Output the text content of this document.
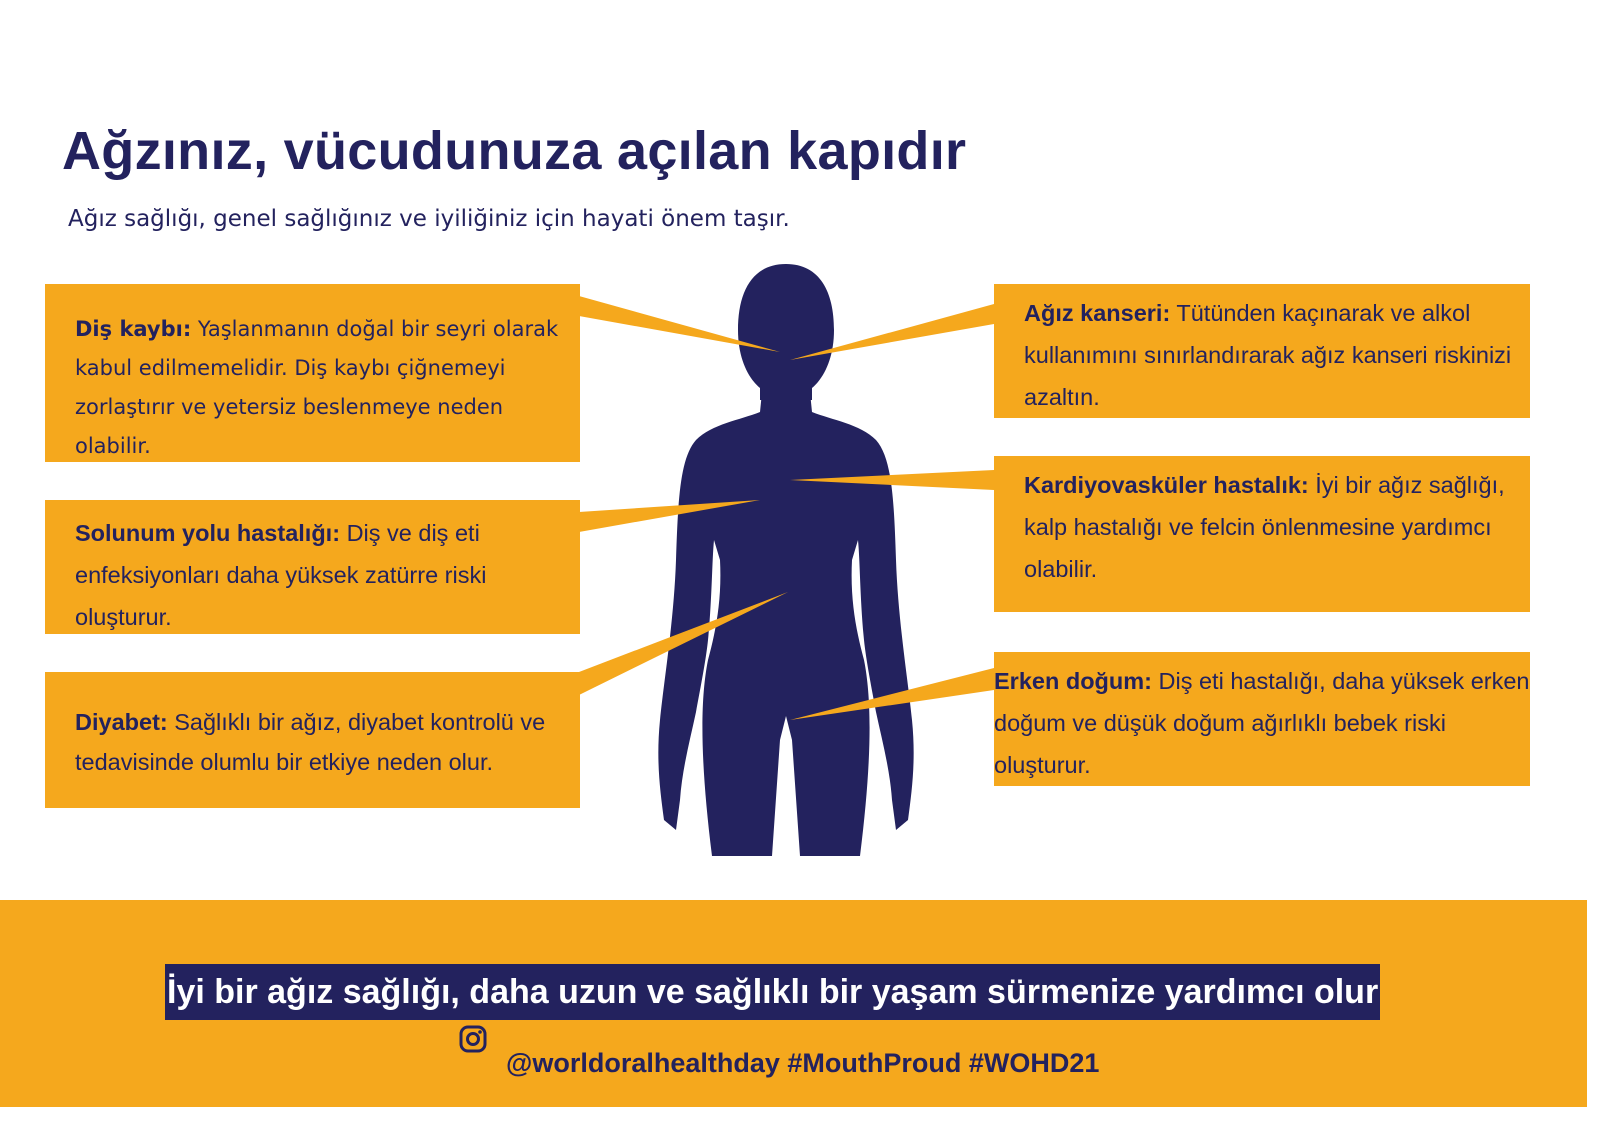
Ağzınız, vücudunuza açılan kapıdır

Ağız sağlığı, genel sağlığınız ve iyiliğiniz için hayati önem taşır.

Diş kaybı: Yaşlanmanın doğal bir seyri olarak kabul edilmemelidir. Diş kaybı çiğnemeyi zorlaştırır ve yetersiz beslenmeye neden olabilir.
Solunum yolu hastalığı: Diş ve diş eti enfeksiyonları daha yüksek zatürre riski oluşturur.
Diyabet: Sağlıklı bir ağız, diyabet kontrolü ve tedavisinde olumlu bir etkiye neden olur.
Ağız kanseri: Tütünden kaçınarak ve alkol kullanımını sınırlandırarak ağız kanseri riskinizi azaltın.
Kardiyovasküler hastalık: İyi bir ağız sağlığı, kalp hastalığı ve felcin önlenmesine yardımcı olabilir.
Erken doğum: Diş eti hastalığı, daha yüksek erken doğum ve düşük doğum ağırlıklı bebek riski oluşturur.
İyi bir ağız sağlığı, daha uzun ve sağlıklı bir yaşam sürmenize yardımcı olur
@worldoralhealthday #MouthProud #WOHD21
